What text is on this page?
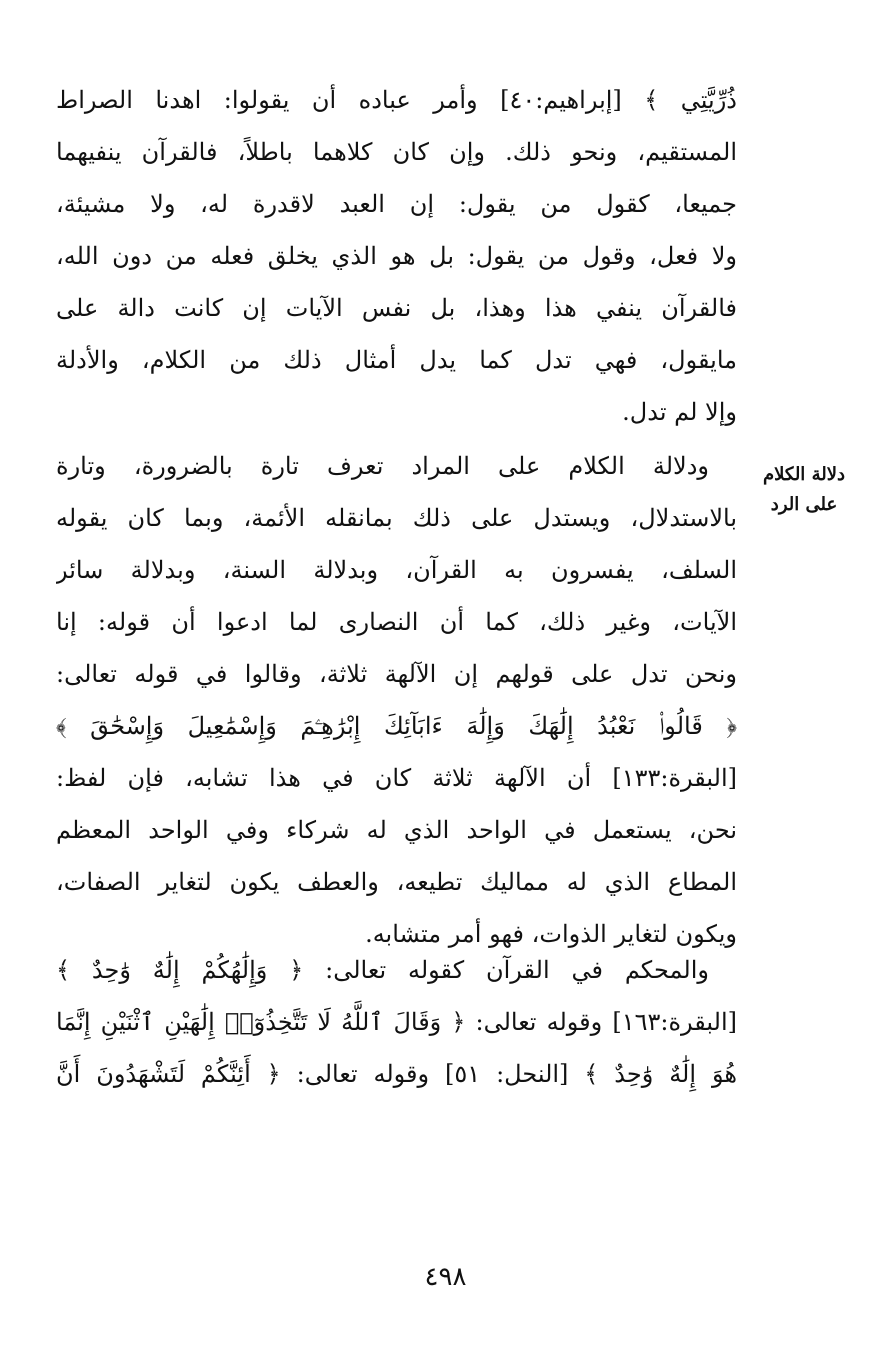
دلالة الكلام
على الرد
ذُرِّيَّتِي ﴾ [إبراهيم:٤٠] وأمر عباده أن يقولوا: اهدنا الصراط
المستقيم، ونحو ذلك. وإن كان كلاهما باطلاً، فالقرآن ينفيهما
جميعا، كقول من يقول: إن العبد لاقدرة له، ولا مشيئة،
ولا فعل، وقول من يقول: بل هو الذي يخلق فعله من دون الله،
فالقرآن ينفي هذا وهذا، بل نفس الآيات إن كانت دالة على
مايقول، فهي تدل كما يدل أمثال ذلك من الكلام، والأدلة
وإلا لم تدل.
ودلالة الكلام على المراد تعرف تارة بالضرورة، وتارة
بالاستدلال، ويستدل على ذلك بمانقله الأئمة، وبما كان يقوله
السلف، يفسرون به القرآن، وبدلالة السنة، وبدلالة سائر
الآيات، وغير ذلك، كما أن النصارى لما ادعوا أن قوله: إنا
ونحن تدل على قولهم إن الآلهة ثلاثة، وقالوا في قوله تعالى:
﴿ قَالُوا۟ نَعْبُدُ إِلَٰهَكَ وَإِلَٰهَ ءَابَآئِكَ إِبْرَٰهِـۧمَ وَإِسْمَٰعِيلَ وَإِسْحَٰقَ ﴾
[البقرة:١٣٣] أن الآلهة ثلاثة كان في هذا تشابه، فإن لفظ:
نحن، يستعمل في الواحد الذي له شركاء وفي الواحد المعظم
المطاع الذي له مماليك تطيعه، والعطف يكون لتغاير الصفات،
ويكون لتغاير الذوات، فهو أمر متشابه.
والمحكم في القرآن كقوله تعالى: ﴿ وَإِلَٰهُكُمْ إِلَٰهٌ وَٰحِدٌ ﴾
[البقرة:١٦٣] وقوله تعالى: ﴿ وَقَالَ ٱللَّهُ لَا تَتَّخِذُوٓا۟ إِلَٰهَيْنِ ٱثْنَيْنِ إِنَّمَا
هُوَ إِلَٰهٌ وَٰحِدٌ ﴾ [النحل: ٥١] وقوله تعالى: ﴿ أَئِنَّكُمْ لَتَشْهَدُونَ أَنَّ
٤٩٨
